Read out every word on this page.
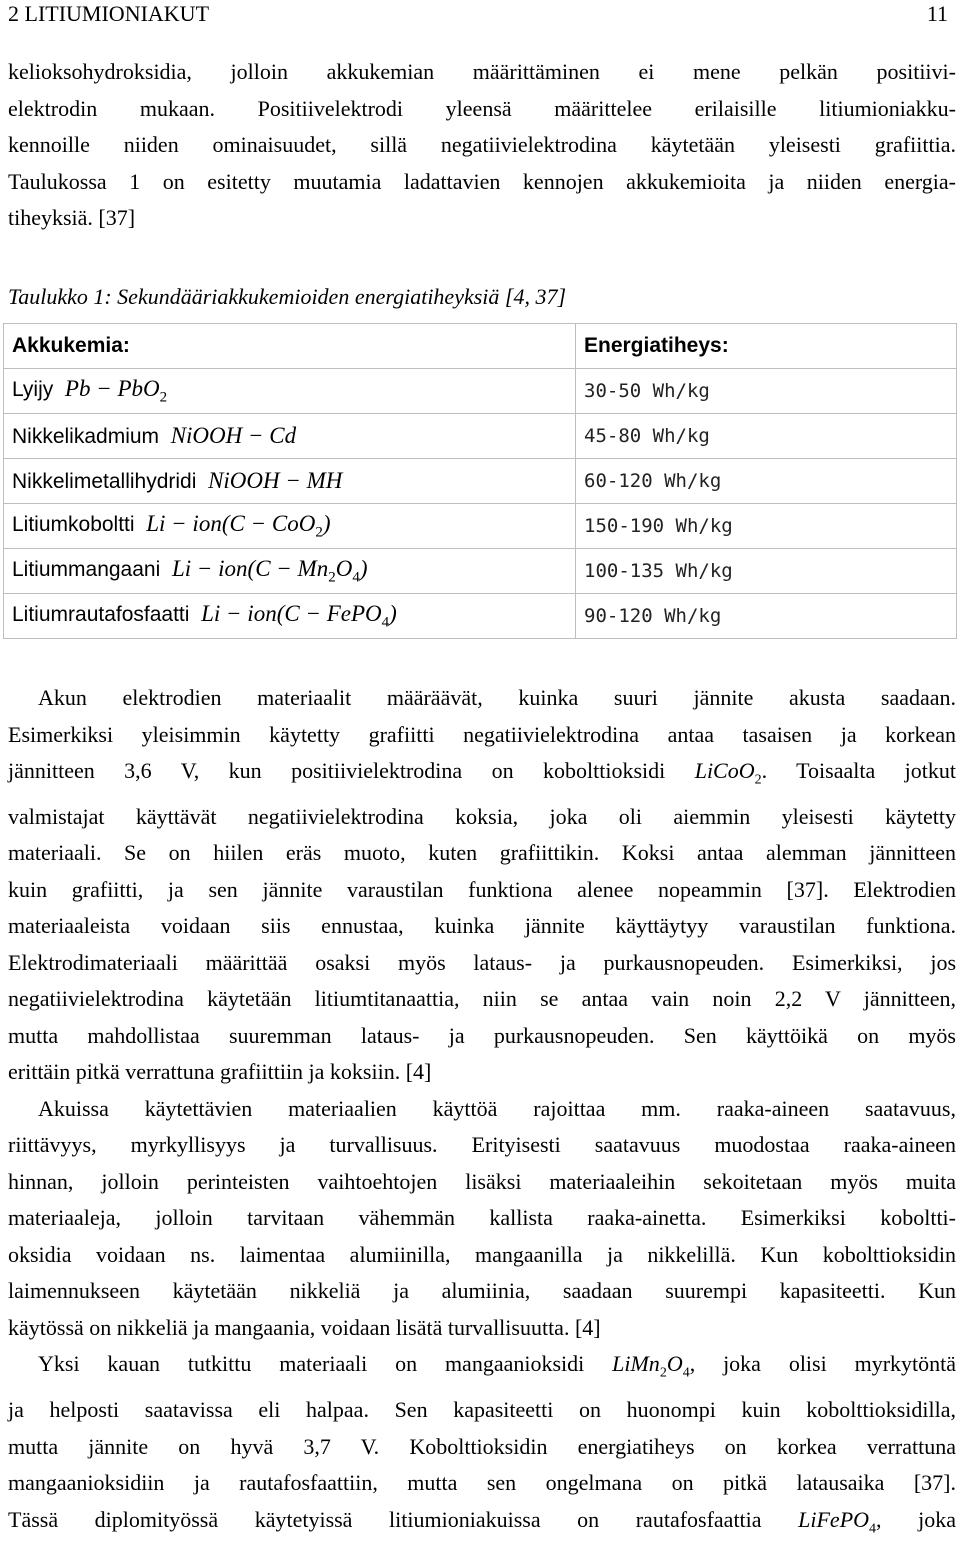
2 LITIUMIONIAKUT	11
kelioksohydroksidia, jolloin akkukemian määrittäminen ei mene pelkän positiivi-
elektrodin mukaan. Positiivelektrodi yleensä määrittelee erilaisille litiumioniakku-
kennoille niiden ominaisuudet, sillä negatiivielektrodina käytetään yleisesti grafiittia.
Taulukossa 1 on esitetty muutamia ladattavien kennojen akkukemioita ja niiden energia-
tiheyksiä. [37]
Taulukko 1: Sekundääriakkukemioiden energiatiheyksiä [4, 37]
Akkukemia:	Energiatiheys:
Lyijy Pb − PbO$_2$	30-50 Wh/kg
Nikkelikadmium NiOOH − Cd	45-80 Wh/kg
Nikkelimetallihydridi NiOOH − MH	60-120 Wh/kg
Litiumkoboltti Li − ion(C − CoO$_2$)	150-190 Wh/kg
Litiummangaani $Li - ion(C - Mn_2O_4)$	100-135 Wh/kg
Litiumrautafosfaatti Li − ion(C − FePO$_4$)	90-120 Wh/kg
Akun elektrodien materiaalit määräävät, kuinka suuri jännite akusta saadaan.
Esimerkiksi yleisimmin käytetty grafiitti negatiivielektrodina antaa tasaisen ja korkean
jännitteen 3,6 V, kun positiivielektrodina on kobolttioksidi LiCoO$_2$. Toisaalta jotkut
valmistajat käyttävät negatiivielektrodina koksia, joka oli aiemmin yleisesti käytetty
materiaali. Se on hiilen eräs muoto, kuten grafiittikin. Koksi antaa alemman jännitteen
kuin grafiitti, ja sen jännite varaustilan funktiona alenee nopeammin [37]. Elektrodien
materiaaleista voidaan siis ennustaa, kuinka jännite käyttäytyy varaustilan funktiona.
Elektrodimateriaali määrittää osaksi myös lataus- ja purkausnopeuden. Esimerkiksi, jos
negatiivielektrodina käytetään litiumtitanaattia, niin se antaa vain noin 2,2 V jännitteen,
mutta mahdollistaa suuremman lataus- ja purkausnopeuden. Sen käyttöikä on myös
erittäin pitkä verrattuna grafiittiin ja koksiin. [4]
Akuissa käytettävien materiaalien käyttöä rajoittaa mm. raaka-aineen saatavuus,
riittävyys, myrkyllisyys ja turvallisuus. Erityisesti saatavuus muodostaa raaka-aineen
hinnan, jolloin perinteisten vaihtoehtojen lisäksi materiaaleihin sekoitetaan myös muita
materiaaleja, jolloin tarvitaan vähemmän kallista raaka-ainetta. Esimerkiksi koboltti-
oksidia voidaan ns. laimentaa alumiinilla, mangaanilla ja nikkelillä. Kun kobolttioksidin
laimennukseen käytetään nikkeliä ja alumiinia, saadaan suurempi kapasiteetti. Kun
käytössä on nikkeliä ja mangaania, voidaan lisätä turvallisuutta. [4]
Yksi kauan tutkittu materiaali on mangaanioksidi $LiMn_2O_4$, joka olisi myrkytöntä
ja helposti saatavissa eli halpaa. Sen kapasiteetti on huonompi kuin kobolttioksidilla,
mutta jännite on hyvä 3,7 V. Kobolttioksidin energiatiheys on korkea verrattuna
mangaanioksidiin ja rautafosfaattiin, mutta sen ongelmana on pitkä latausaika [37].
Tässä diplomityössä käytetyissä litiumioniakuissa on rautafosfaattia LiFePO$_4$, joka
